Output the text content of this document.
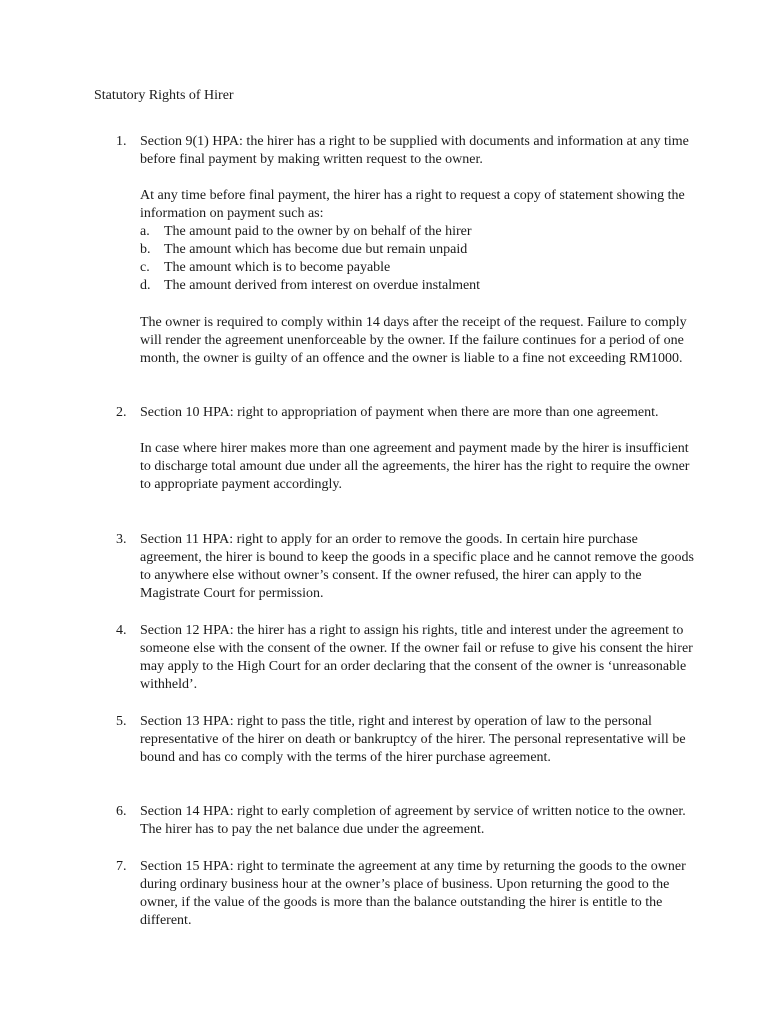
Statutory Rights of Hirer
1. Section 9(1) HPA: the hirer has a right to be supplied with documents and information at any time before final payment by making written request to the owner.

At any time before final payment, the hirer has a right to request a copy of statement showing the information on payment such as:

a. The amount paid to the owner by on behalf of the hirer
b. The amount which has become due but remain unpaid
c. The amount which is to become payable
d. The amount derived from interest on overdue instalment

The owner is required to comply within 14 days after the receipt of the request. Failure to comply will render the agreement unenforceable by the owner. If the failure continues for a period of one month, the owner is guilty of an offence and the owner is liable to a fine not exceeding RM1000.

2. Section 10 HPA: right to appropriation of payment when there are more than one agreement.

In case where hirer makes more than one agreement and payment made by the hirer is insufficient to discharge total amount due under all the agreements, the hirer has the right to require the owner to appropriate payment accordingly.

3. Section 11 HPA: right to apply for an order to remove the goods. In certain hire purchase agreement, the hirer is bound to keep the goods in a specific place and he cannot remove the goods to anywhere else without owner’s consent. If the owner refused, the hirer can apply to the Magistrate Court for permission.

4. Section 12 HPA: the hirer has a right to assign his rights, title and interest under the agreement to someone else with the consent of the owner. If the owner fail or refuse to give his consent the hirer may apply to the High Court for an order declaring that the consent of the owner is ‘unreasonable withheld’.

5. Section 13 HPA: right to pass the title, right and interest by operation of law to the personal representative of the hirer on death or bankruptcy of the hirer. The personal representative will be bound and has co comply with the terms of the hirer purchase agreement.

6. Section 14 HPA: right to early completion of agreement by service of written notice to the owner. The hirer has to pay the net balance due under the agreement.

7. Section 15 HPA: right to terminate the agreement at any time by returning the goods to the owner during ordinary business hour at the owner’s place of business. Upon returning the good to the owner, if the value of the goods is more than the balance outstanding the hirer is entitle to the different.
